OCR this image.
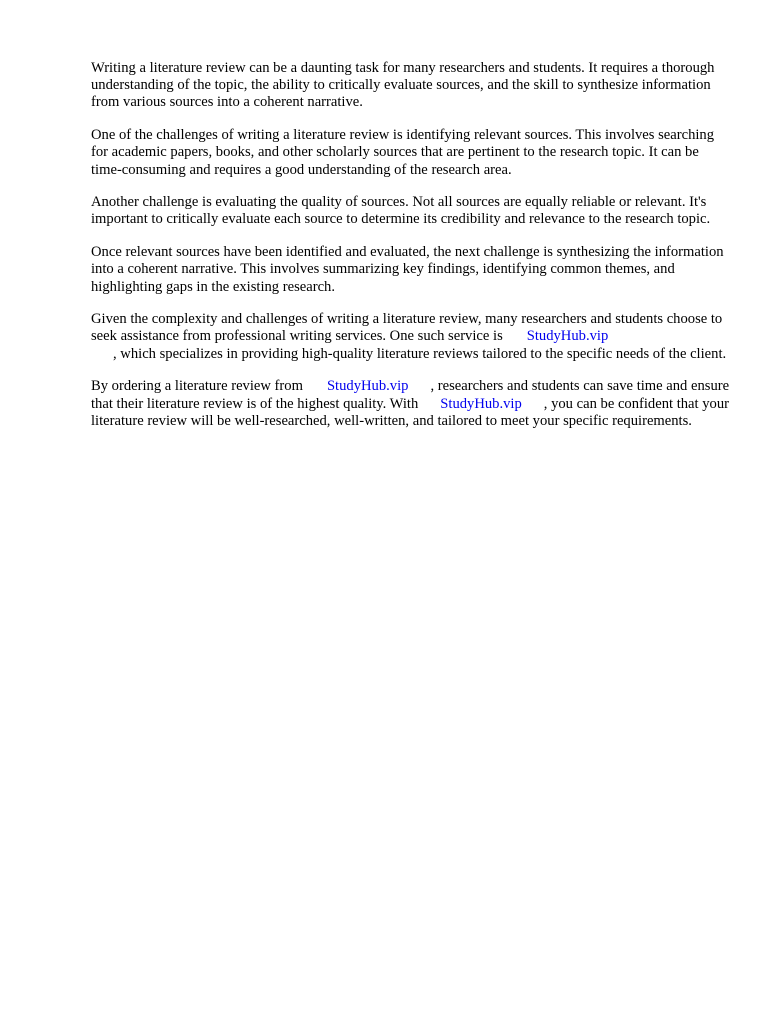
Writing a literature review can be a daunting task for many researchers and students. It requires a thorough understanding of the topic, the ability to critically evaluate sources, and the skill to synthesize information from various sources into a coherent narrative.

One of the challenges of writing a literature review is identifying relevant sources. This involves searching for academic papers, books, and other scholarly sources that are pertinent to the research topic. It can be time-consuming and requires a good understanding of the research area.

Another challenge is evaluating the quality of sources. Not all sources are equally reliable or relevant. It's important to critically evaluate each source to determine its credibility and relevance to the research topic.

Once relevant sources have been identified and evaluated, the next challenge is synthesizing the information into a coherent narrative. This involves summarizing key findings, identifying common themes, and highlighting gaps in the existing research.

Given the complexity and challenges of writing a literature review, many researchers and students choose to seek assistance from professional writing services. One such service is StudyHub.vip
, which specializes in providing high-quality literature reviews tailored to the specific needs of the client.

By ordering a literature review from StudyHub.vip , researchers and students can save time and ensure that their literature review is of the highest quality. With StudyHub.vip , you can be confident that your literature review will be well-researched, well-written, and tailored to meet your specific requirements.
